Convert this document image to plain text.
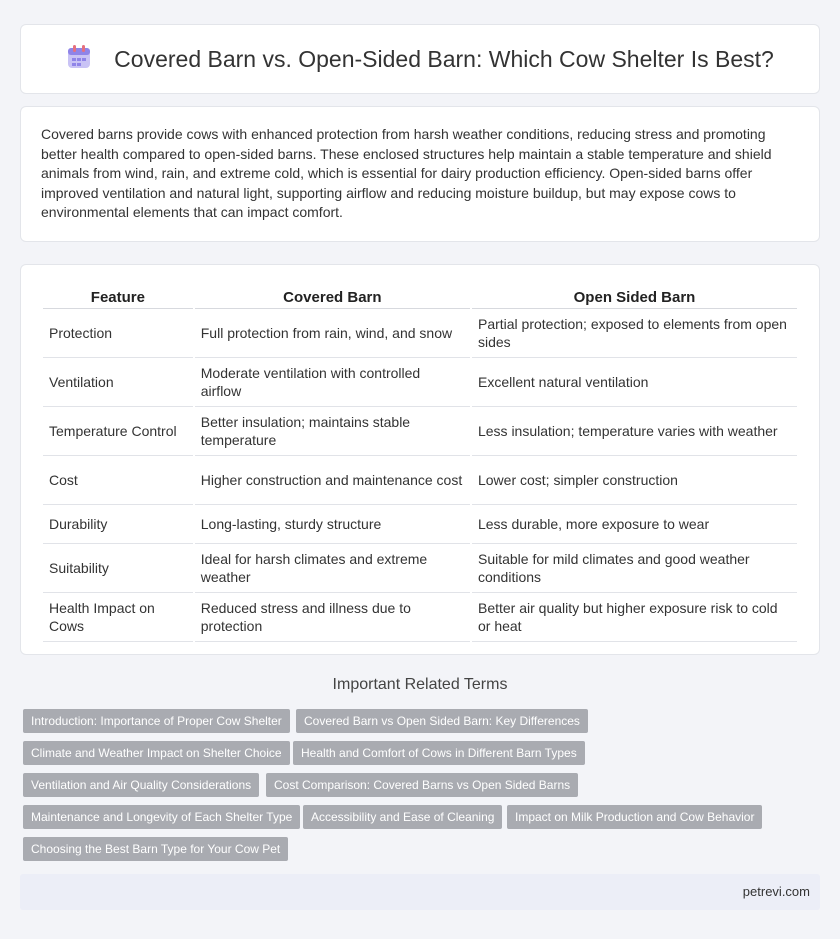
Covered Barn vs. Open-Sided Barn: Which Cow Shelter Is Best?

Covered barns provide cows with enhanced protection from harsh weather conditions, reducing stress and promoting better health compared to open-sided barns. These enclosed structures help maintain a stable temperature and shield animals from wind, rain, and extreme cold, which is essential for dairy production efficiency. Open-sided barns offer improved ventilation and natural light, supporting airflow and reducing moisture buildup, but may expose cows to environmental elements that can impact comfort.

Feature	Covered Barn	Open Sided Barn
Protection	Full protection from rain, wind, and snow	Partial protection; exposed to elements from open sides
Ventilation	Moderate ventilation with controlled airflow	Excellent natural ventilation
Temperature Control	Better insulation; maintains stable temperature	Less insulation; temperature varies with weather
Cost	Higher construction and maintenance cost	Lower cost; simpler construction
Durability	Long-lasting, sturdy structure	Less durable, more exposure to wear
Suitability	Ideal for harsh climates and extreme weather	Suitable for mild climates and good weather conditions
Health Impact on Cows	Reduced stress and illness due to protection	Better air quality but higher exposure risk to cold or heat
Important Related Terms
Introduction: Importance of Proper Cow Shelter	Covered Barn vs Open Sided Barn: Key Differences
Climate and Weather Impact on Shelter Choice	Health and Comfort of Cows in Different Barn Types
Ventilation and Air Quality Considerations	Cost Comparison: Covered Barns vs Open Sided Barns
Maintenance and Longevity of Each Shelter Type	Accessibility and Ease of Cleaning	Impact on Milk Production and Cow Behavior
Choosing the Best Barn Type for Your Cow Pet
petrevi.com
